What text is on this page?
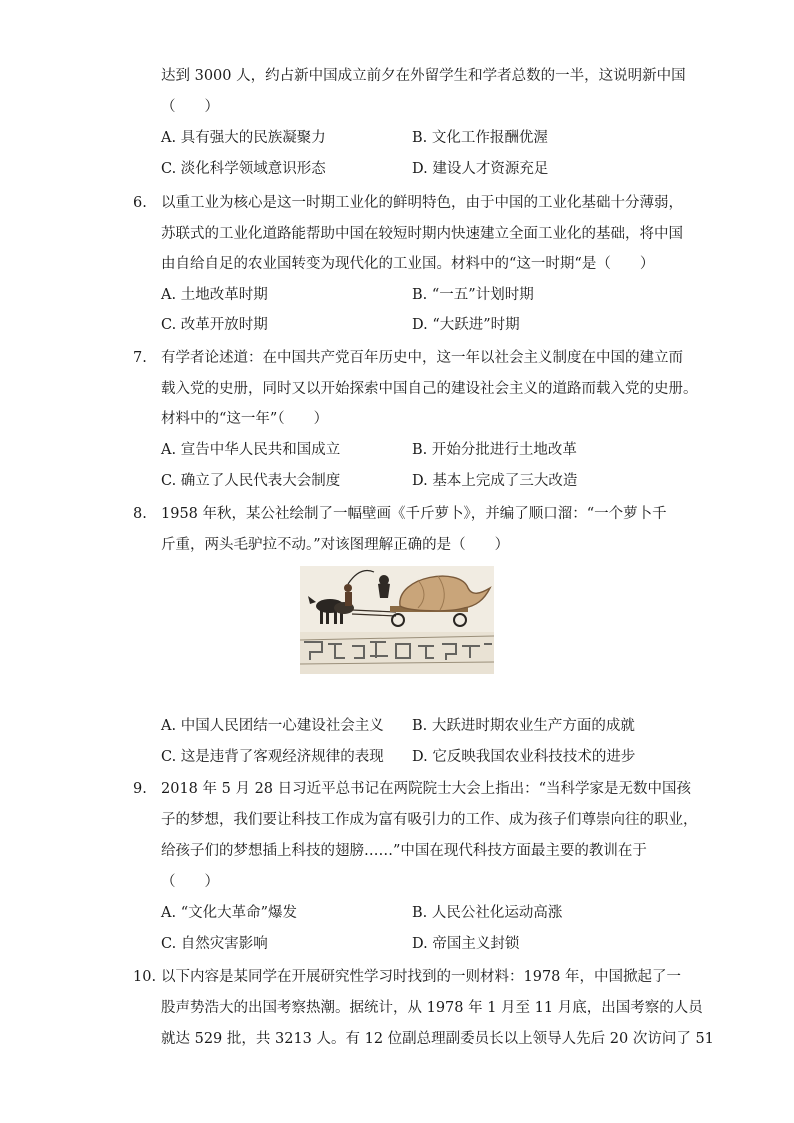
达到 3000 人，约占新中国成立前夕在外留学生和学者总数的一半，这说明新中国
（　　）
A. 具有强大的民族凝聚力	B. 文化工作报酬优渥
C. 淡化科学领域意识形态	D. 建设人才资源充足
6. 以重工业为核心是这一时期工业化的鲜明特色，由于中国的工业化基础十分薄弱，
苏联式的工业化道路能帮助中国在较短时期内快速建立全面工业化的基础，将中国
由自给自足的农业国转变为现代化的工业国。材料中的“这一时期“是（　　）
A. 土地改革时期	B. “一五”计划时期
C. 改革开放时期	D. “大跃进”时期
7. 有学者论述道：在中国共产党百年历史中，这一年以社会主义制度在中国的建立而
载入党的史册，同时又以开始探索中国自己的建设社会主义的道路而载入党的史册。
材料中的“这一年”（　　）
A. 宣告中华人民共和国成立	B. 开始分批进行土地改革
C. 确立了人民代表大会制度	D. 基本上完成了三大改造
8. 1958 年秋，某公社绘制了一幅壁画《千斤萝卜》，并编了顺口溜：“一个萝卜千
斤重，两头毛驴拉不动。”对该图理解正确的是（　　）
A. 中国人民团结一心建设社会主义 B. 大跃进时期农业生产方面的成就
C. 这是违背了客观经济规律的表现 D. 它反映我国农业科技技术的进步
9. 2018 年 5 月 28 日习近平总书记在两院院士大会上指出：“当科学家是无数中国孩
子的梦想，我们要让科技工作成为富有吸引力的工作、成为孩子们尊崇向往的职业，
给孩子们的梦想插上科技的翅膀……”中国在现代科技方面最主要的教训在于
（　　）
A. “文化大革命”爆发	B. 人民公社化运动高涨
C. 自然灾害影响	D. 帝国主义封锁
10. 以下内容是某同学在开展研究性学习时找到的一则材料：1978 年，中国掀起了一
股声势浩大的出国考察热潮。据统计，从 1978 年 1 月至 11 月底，出国考察的人员
就达 529 批，共 3213 人。有 12 位副总理副委员长以上领导人先后 20 次访问了 51
